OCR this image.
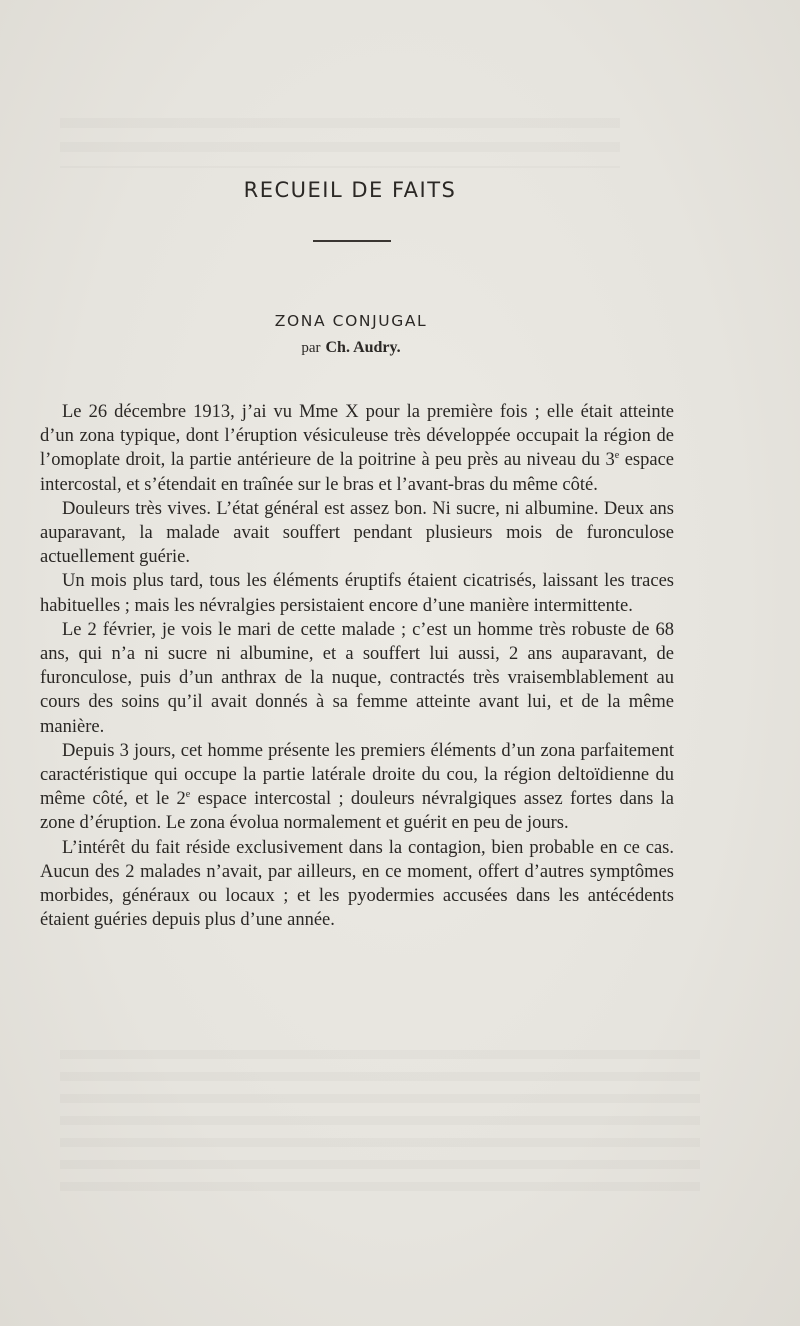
RECUEIL DE FAITS
ZONA CONJUGAL
par Ch. Audry.

Le 26 décembre 1913, j’ai vu Mme X pour la première fois ; elle était atteinte d’un zona typique, dont l’éruption vésiculeuse très développée occupait la région de l’omoplate droit, la partie antérieure de la poitrine à peu près au niveau du 3e espace intercostal, et s’étendait en traînée sur le bras et l’avant-bras du même côté.

Douleurs très vives. L’état général est assez bon. Ni sucre, ni albumine. Deux ans auparavant, la malade avait souffert pendant plusieurs mois de furonculose actuellement guérie.

Un mois plus tard, tous les éléments éruptifs étaient cicatrisés, laissant les traces habituelles ; mais les névralgies persistaient encore d’une manière intermittente.

Le 2 février, je vois le mari de cette malade ; c’est un homme très robuste de 68 ans, qui n’a ni sucre ni albumine, et a souffert lui aussi, 2 ans auparavant, de furonculose, puis d’un anthrax de la nuque, contractés très vraisemblablement au cours des soins qu’il avait donnés à sa femme atteinte avant lui, et de la même manière.

Depuis 3 jours, cet homme présente les premiers éléments d’un zona parfaitement caractéristique qui occupe la partie latérale droite du cou, la région deltoïdienne du même côté, et le 2e espace intercostal ; douleurs névralgiques assez fortes dans la zone d’éruption. Le zona évolua normalement et guérit en peu de jours.

L’intérêt du fait réside exclusivement dans la contagion, bien probable en ce cas. Aucun des 2 malades n’avait, par ailleurs, en ce moment, offert d’autres symptômes morbides, généraux ou locaux ; et les pyodermies accusées dans les antécédents étaient guéries depuis plus d’une année.
